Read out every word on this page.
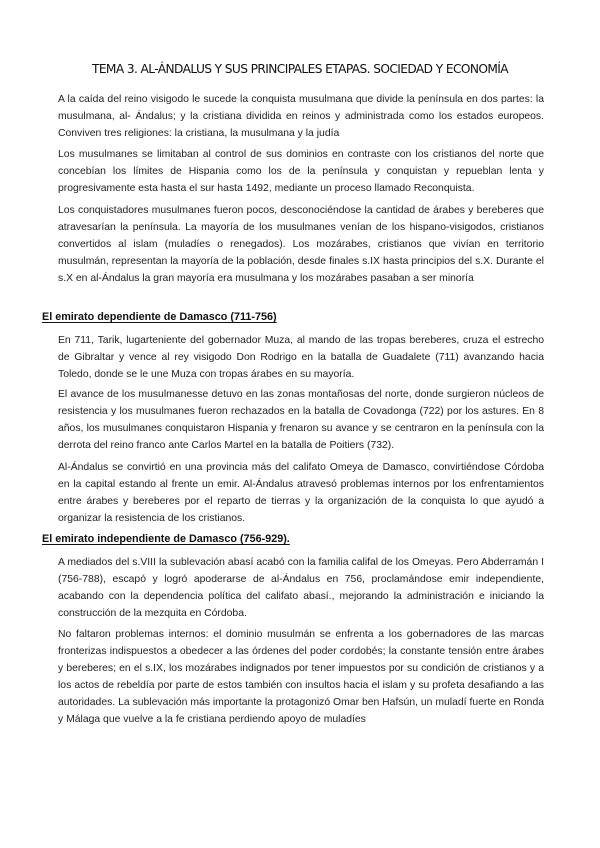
TEMA 3. AL-ÁNDALUS Y SUS PRINCIPALES ETAPAS. SOCIEDAD Y ECONOMÍA

A la caída del reino visigodo le sucede la conquista musulmana que divide la península en dos partes: la musulmana, al- Ándalus; y la cristiana dividida en reinos y administrada como los estados europeos. Conviven tres religiones: la cristiana, la musulmana y la judía

Los musulmanes se limitaban al control de sus dominios en contraste con los cristianos del norte que concebían los límites de Hispania como los de la península y conquistan y repueblan lenta y progresivamente esta hasta el sur hasta 1492, mediante un proceso llamado Reconquista.

Los conquistadores musulmanes fueron pocos, desconociéndose la cantidad de árabes y bereberes que atravesarían la península. La mayoría de los musulmanes venían de los hispano-visigodos, cristianos convertidos al islam (muladíes o renegados). Los mozárabes, cristianos que vivían en territorio musulmán, representan la mayoría de la población, desde finales s.IX hasta principios del s.X. Durante el s.X en al-Ándalus la gran mayoría era musulmana y los mozárabes pasaban a ser minoría

El emirato dependiente de Damasco (711-756)

En 711, Tarik, lugarteniente del gobernador Muza, al mando de las tropas bereberes, cruza el estrecho de Gibraltar y vence al rey visigodo Don Rodrigo en la batalla de Guadalete (711) avanzando hacia Toledo, donde se le une Muza con tropas árabes en su mayoría.

El avance de los musulmanesse detuvo en las zonas montañosas del norte, donde surgieron núcleos de resistencia y los musulmanes fueron rechazados en la batalla de Covadonga (722) por los astures. En 8 años, los musulmanes conquistaron Hispania y frenaron su avance y se centraron en la península con la derrota del reino franco ante Carlos Martel en la batalla de Poitiers (732).

Al-Ándalus se convirtió en una provincia más del califato Omeya de Damasco, convirtiéndose Córdoba en la capital estando al frente un emir. Al-Ándalus atravesó problemas internos por los enfrentamientos entre árabes y bereberes por el reparto de tierras y la organización de la conquista lo que ayudó a organizar la resistencia de los cristianos.

El emirato independiente de Damasco (756-929).

A mediados del s.VIII la sublevación abasí acabó con la familia califal de los Omeyas. Pero Abderramán I (756-788), escapó y logró apoderarse de al-Ándalus en 756, proclamándose emir independiente, acabando con la dependencia política del califato abasí., mejorando la administración e iniciando la construcción de la mezquita en Córdoba.

No faltaron problemas internos: el dominio musulmán se enfrenta a los gobernadores de las marcas fronterizas indispuestos a obedecer a las órdenes del poder cordobés; la constante tensión entre árabes y bereberes; en el s.IX, los mozárabes indignados por tener impuestos por su condición de cristianos y a los actos de rebeldía por parte de estos también con insultos hacia el islam y su profeta desafiando a las autoridades. La sublevación más importante la protagonizó Omar ben Hafsún, un muladí fuerte en Ronda y Málaga que vuelve a la fe cristiana perdiendo apoyo de muladíes
